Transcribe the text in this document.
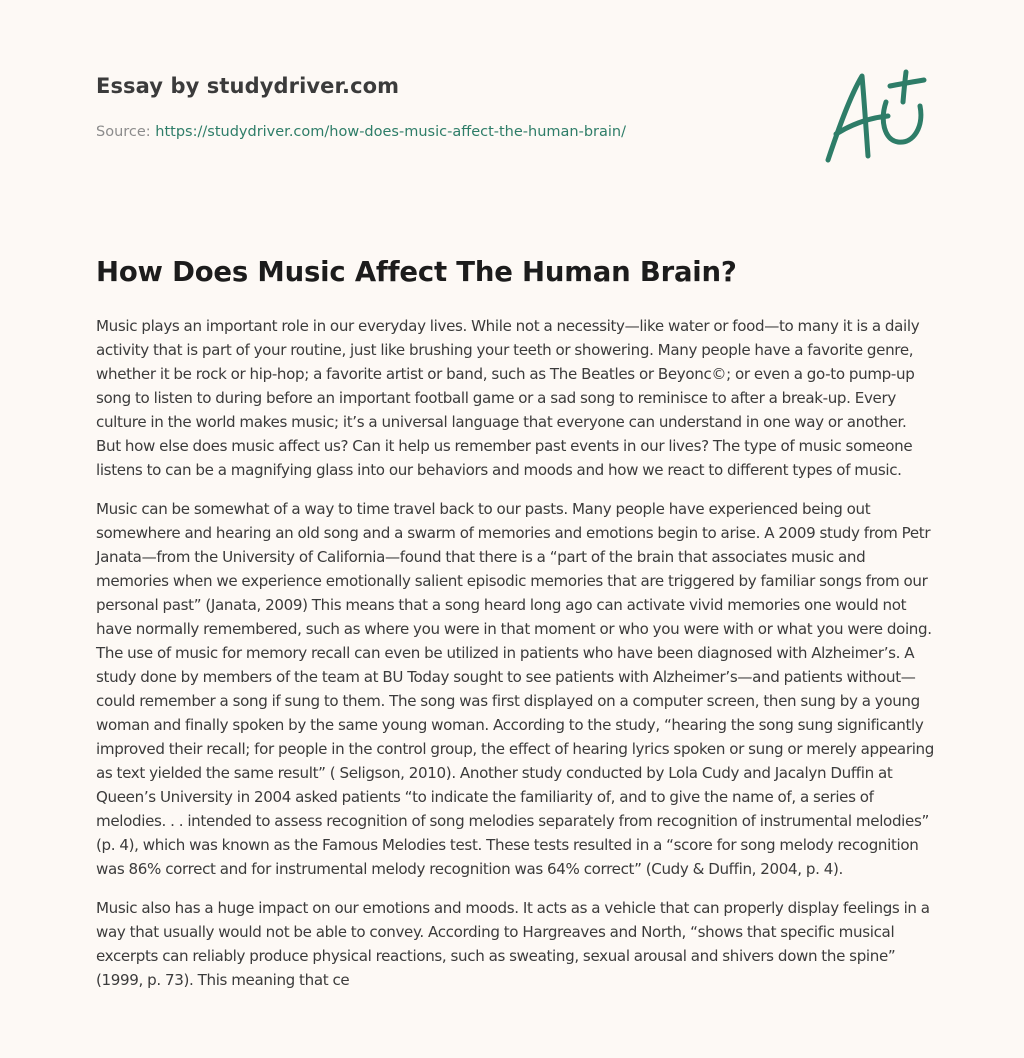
Essay by studydriver.com
Source: https://studydriver.com/how-does-music-affect-the-human-brain/
How Does Music Affect The Human Brain?

Music plays an important role in our everyday lives. While not a necessity—like water or food—to many it is a daily activity that is part of your routine, just like brushing your teeth or showering. Many people have a favorite genre, whether it be rock or hip-hop; a favorite artist or band, such as The Beatles or Beyonc©; or even a go-to pump-up song to listen to during before an important football game or a sad song to reminisce to after a break-up. Every culture in the world makes music; it’s a universal language that everyone can understand in one way or another. But how else does music affect us? Can it help us remember past events in our lives? The type of music someone listens to can be a magnifying glass into our behaviors and moods and how we react to different types of music.

Music can be somewhat of a way to time travel back to our pasts. Many people have experienced being out somewhere and hearing an old song and a swarm of memories and emotions begin to arise. A 2009 study from Petr Janata—from the University of California—found that there is a “part of the brain that associates music and memories when we experience emotionally salient episodic memories that are triggered by familiar songs from our personal past” (Janata, 2009) This means that a song heard long ago can activate vivid memories one would not have normally remembered, such as where you were in that moment or who you were with or what you were doing. The use of music for memory recall can even be utilized in patients who have been diagnosed with Alzheimer’s. A study done by members of the team at BU Today sought to see patients with Alzheimer’s—and patients without—could remember a song if sung to them. The song was first displayed on a computer screen, then sung by a young woman and finally spoken by the same young woman. According to the study, “hearing the song sung significantly improved their recall; for people in the control group, the effect of hearing lyrics spoken or sung or merely appearing as text yielded the same result” ( Seligson, 2010). Another study conducted by Lola Cudy and Jacalyn Duffin at Queen’s University in 2004 asked patients “to indicate the familiarity of, and to give the name of, a series of melodies. . . intended to assess recognition of song melodies separately from recognition of instrumental melodies” (p. 4), which was known as the Famous Melodies test. These tests resulted in a “score for song melody recognition was 86% correct and for instrumental melody recognition was 64% correct” (Cudy & Duffin, 2004, p. 4).

Music also has a huge impact on our emotions and moods. It acts as a vehicle that can properly display feelings in a way that usually would not be able to convey. According to Hargreaves and North, “shows that specific musical excerpts can reliably produce physical reactions, such as sweating, sexual arousal and shivers down the spine” (1999, p. 73). This meaning that ce
